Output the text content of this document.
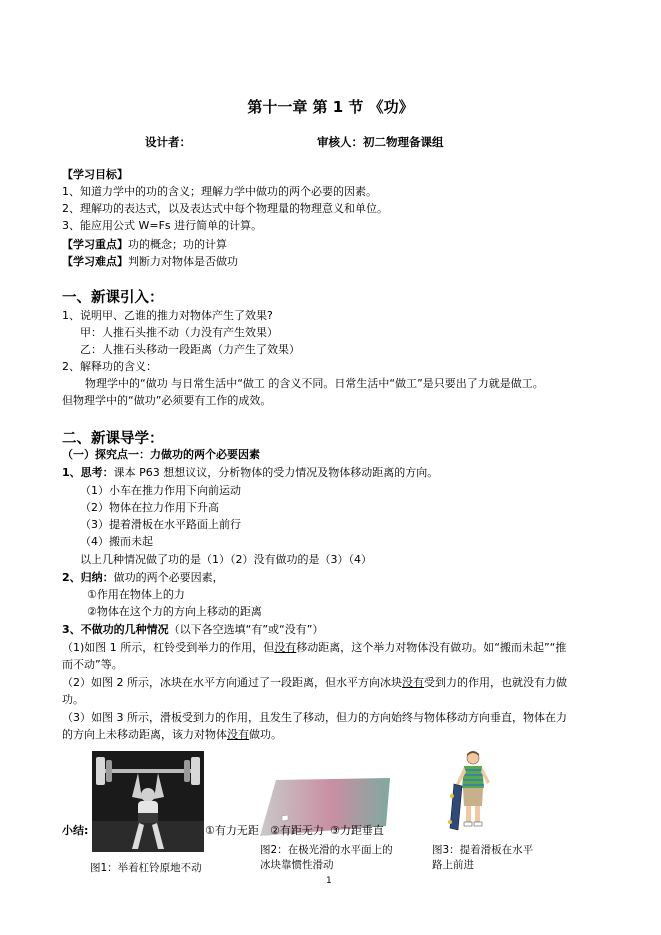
第十一章 第 1 节 《功》
设计者：	审核人：初二物理备课组
【学习目标】
1、知道力学中的功的含义；理解力学中做功的两个必要的因素。
2、理解功的表达式，以及表达式中每个物理量的物理意义和单位。
3、能应用公式 W=Fs 进行简单的计算。
【学习重点】功的概念；功的计算
【学习难点】判断力对物体是否做功
一、新课引入：
1、说明甲、乙谁的推力对物体产生了效果?
甲：人推石头推不动（力没有产生效果）
乙：人推石头移动一段距离（力产生了效果）
2、解释功的含义：
物理学中的“做功 与日常生活中“做工 的含义不同。日常生活中“做工”是只要出了力就是做工。
但物理学中的“做功”必须要有工作的成效。
二、新课导学：
（一）探究点一：力做功的两个必要因素
1、思考：课本 P63 想想议议，分析物体的受力情况及物体移动距离的方向。
（1）小车在推力作用下向前运动
（2）物体在拉力作用下升高
（3）提着滑板在水平路面上前行
（4）搬而未起
以上几种情况做了功的是（1）（2）没有做功的是（3）（4）
2、归纳：做功的两个必要因素，
①作用在物体上的力
②物体在这个力的方向上移动的距离
3、不做功的几种情况（以下各空选填“有”或“没有”）
（1)如图 1 所示，杠铃受到举力的作用，但没有移动距离，这个举力对物体没有做功。如“搬而未起”“推
而不动”等。
（2）如图 2 所示，冰块在水平方向通过了一段距离，但水平方向冰块没有受到力的作用，也就没有力做
功。
（3）如图 3 所示，滑板受到力的作用，且发生了移动，但力的方向始终与物体移动方向垂直，物体在力
的方向上未移动距离，该力对物体没有做功。
小结:	①有力无距 ②有距无力 ③力距垂直
图1：举着杠铃原地不动
图2：在极光滑的水平面上的冰块靠惯性滑动
图3：提着滑板在水平路上前进
1
